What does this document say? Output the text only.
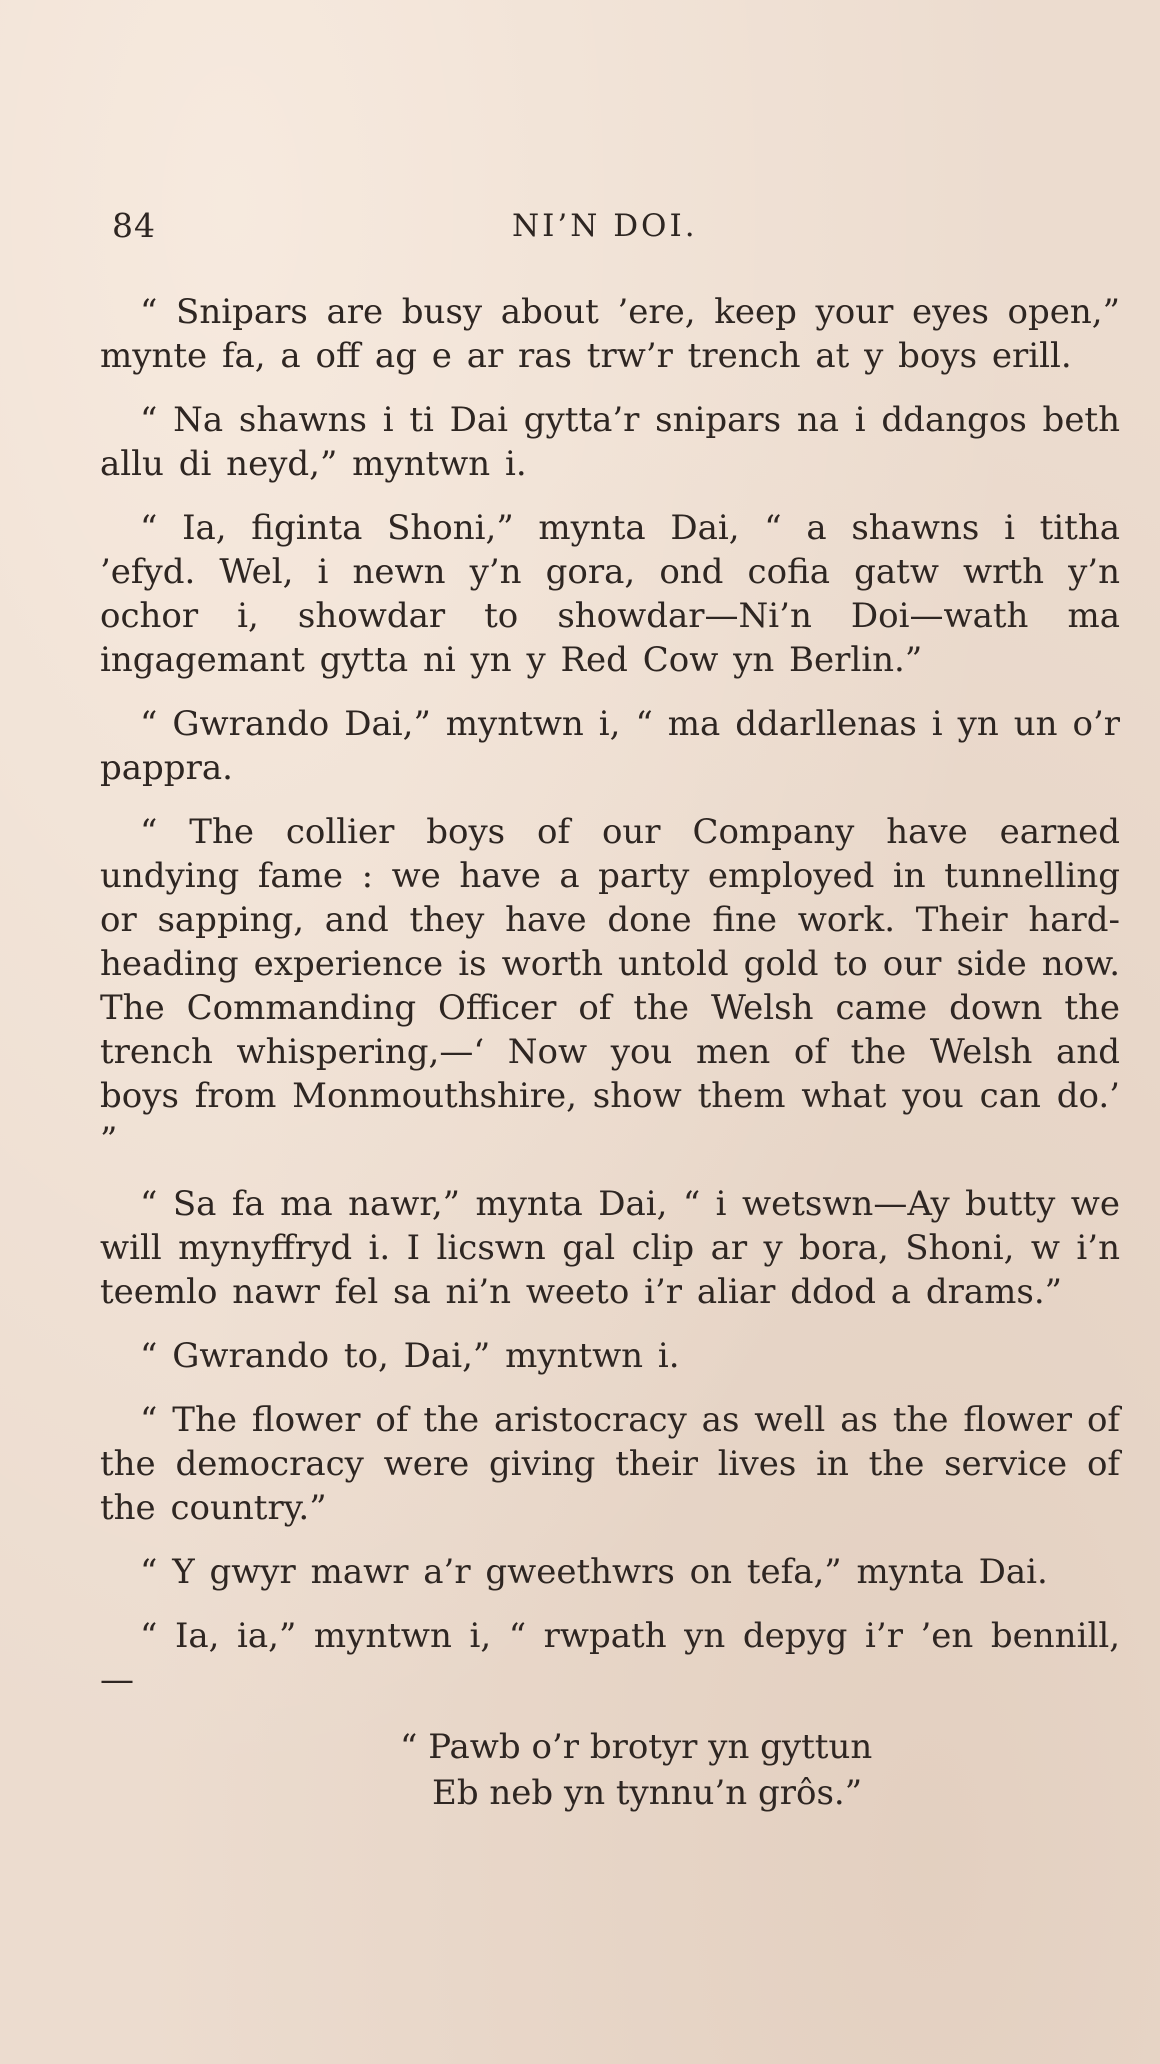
84	NI’N DOI.

“ Snipars are busy about ’ere, keep your eyes open,” mynte fa, a off ag e ar ras trw’r trench at y boys erill.

“ Na shawns i ti Dai gytta’r snipars na i ddangos beth allu di neyd,” myntwn i.

“ Ia, figinta Shoni,” mynta Dai, “ a shawns i titha ’efyd. Wel, i newn y’n gora, ond cofia gatw wrth y’n ochor i, showdar to showdar—Ni’n Doi—wath ma ingagemant gytta ni yn y Red Cow yn Berlin.”

“ Gwrando Dai,” myntwn i, “ ma ddarllenas i yn un o’r pappra.

“ The collier boys of our Company have earned undying fame : we have a party employed in tunnelling or sapping, and they have done fine work. Their hard-heading experience is worth untold gold to our side now. The Commanding Officer of the Welsh came down the trench whispering,—‘ Now you men of the Welsh and boys from Monmouthshire, show them what you can do.’ ”

“ Sa fa ma nawr,” mynta Dai, “ i wetswn—Ay butty we will mynyffryd i. I licswn gal clip ar y bora, Shoni, w i’n teemlo nawr fel sa ni’n weeto i’r aliar ddod a drams.”

“ Gwrando to, Dai,” myntwn i.

“ The flower of the aristocracy as well as the flower of the democracy were giving their lives in the service of the country.”

“ Y gwyr mawr a’r gweethwrs on tefa,” mynta Dai.

“ Ia, ia,” myntwn i, “ rwpath yn depyg i’r ’en bennill,—

“ Pawb o’r brotyr yn gyttun
Eb neb yn tynnu’n grôs.”
